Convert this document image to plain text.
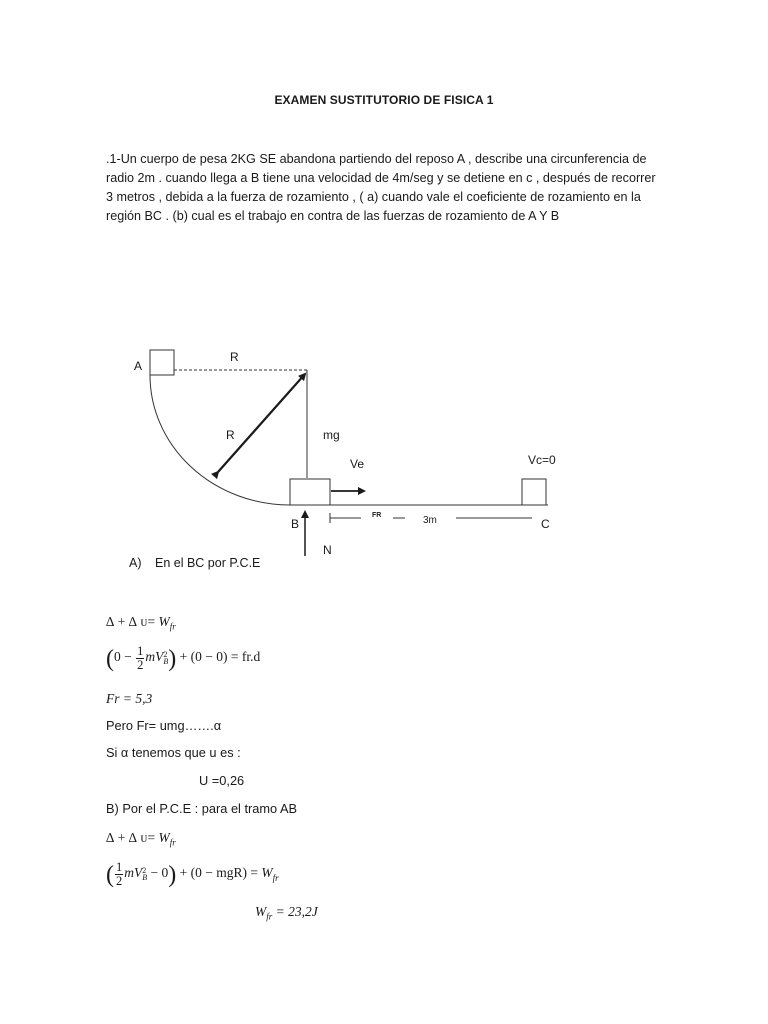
EXAMEN SUSTITUTORIO DE FISICA 1

.1-Un cuerpo de pesa 2KG SE abandona partiendo del reposo A , describe una circunferencia de

radio 2m . cuando llega a B tiene una velocidad de 4m/seg y se detiene en c , después de recorrer

3 metros , debida a la fuerza de rozamiento , ( a) cuando vale el coeficiente de rozamiento en la

región BC . (b) cual es el trabajo en contra de las fuerzas de rozamiento de A Y B

A
R
R	mg
Ve	Vc=0
B
FR	3m	C
N
A) En el BC por P.C.E
∆ + ∆ ᴜ= $W_{fr}$
($0 - \frac{1}{2}$ mV 2
B ) + (0 − 0) = fr.d
Fr = 5,3
Pero Fr= umg…….α
Si α tenemos que u es :
U =0,26
B) Por el P.C.E : para el tramo AB
∆ + ∆ ᴜ= $W_{fr}$
( $\frac{1}{2}$ mV 2
$B - 0) + (0 - mgR) = W_{fr}$
$W_{fr} = 23,2J$
